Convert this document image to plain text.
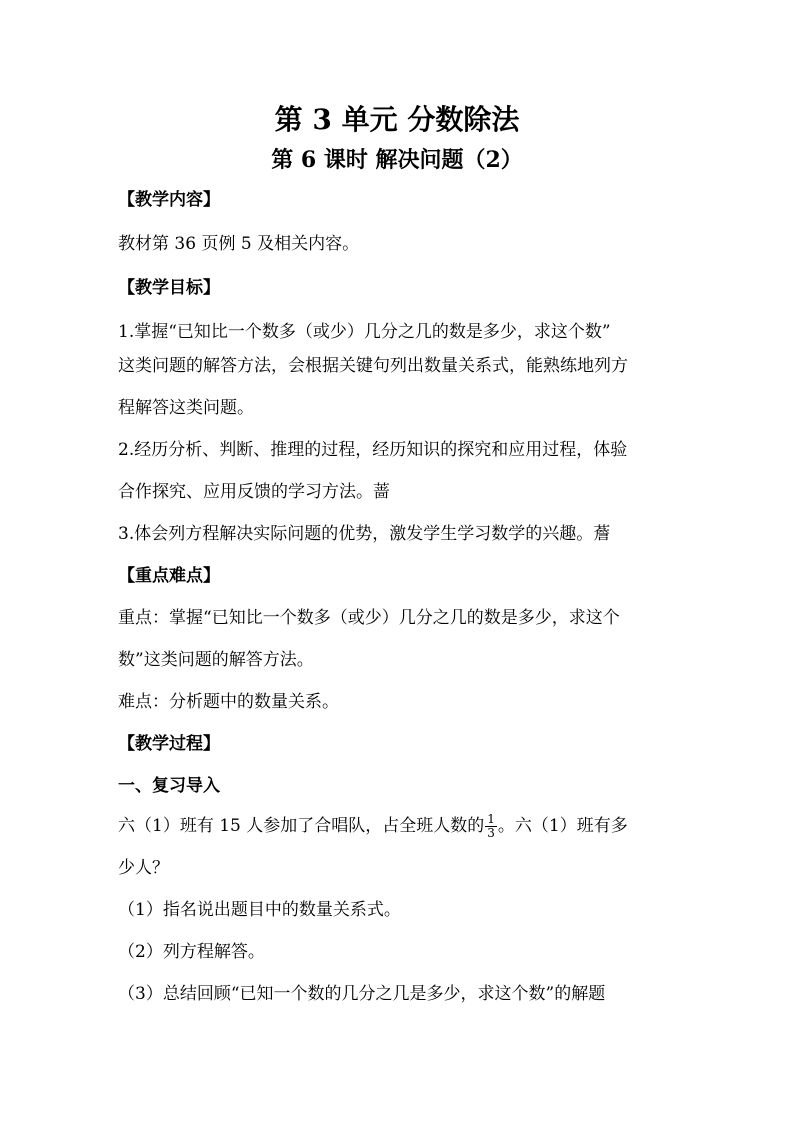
第 3 单元 分数除法
第 6 课时 解决问题（2）
【教学内容】
教材第 36 页例 5 及相关内容。
【教学目标】
1.掌握“已知比一个数多（或少）几分之几的数是多少，求这个数”
这类问题的解答方法，会根据关键句列出数量关系式，能熟练地列方
程解答这类问题。
2.经历分析、判断、推理的过程，经历知识的探究和应用过程，体验
合作探究、应用反馈的学习方法。蔷
3.体会列方程解决实际问题的优势，激发学生学习数学的兴趣。薝
【重点难点】
重点：掌握“已知比一个数多（或少）几分之几的数是多少，求这个
数”这类问题的解答方法。
难点：分析题中的数量关系。
【教学过程】
一、复习导入
六（1）班有 15 人参加了合唱队，占全班人数的 $\frac{1}{3}$ 。六（1）班有多
少人？
（1）指名说出题目中的数量关系式。
（2）列方程解答。
（3）总结回顾“已知一个数的几分之几是多少，求这个数”的解题
